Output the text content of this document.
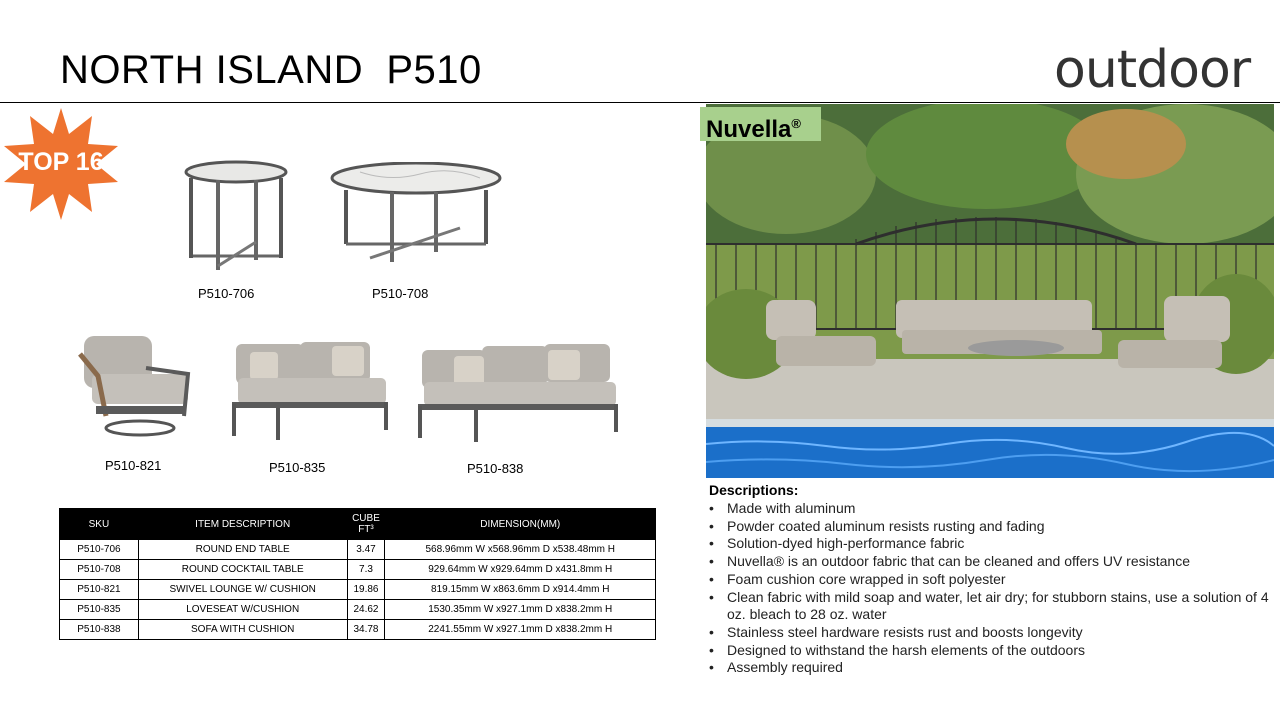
NORTH ISLAND  P510	outdoor
TOP 16
P510-706	P510-708
P510-821	P510-835	P510-838
SKU	ITEM DESCRIPTION	CUBE FT³	DIMENSION(MM)
P510-706	ROUND END TABLE	3.47	568.96mm W x568.96mm D x538.48mm H
P510-708	ROUND COCKTAIL TABLE	7.3	929.64mm W x929.64mm D x431.8mm H
P510-821	SWIVEL LOUNGE W/ CUSHION	19.86	819.15mm W x863.6mm D x914.4mm H
P510-835	LOVESEAT W/CUSHION	24.62	1530.35mm W x927.1mm D x838.2mm H
P510-838	SOFA WITH CUSHION	34.78	2241.55mm W x927.1mm D x838.2mm H
Nuvella®
Descriptions:
• Made with aluminum
• Powder coated aluminum resists rusting and fading
• Solution-dyed high-performance fabric
• Nuvella® is an outdoor fabric that can be cleaned and offers UV resistance
• Foam cushion core wrapped in soft polyester
• Clean fabric with mild soap and water, let air dry; for stubborn stains, use a solution of 4 oz. bleach to 28 oz. water
• Stainless steel hardware resists rust and boosts longevity
• Designed to withstand the harsh elements of the outdoors
• Assembly required
